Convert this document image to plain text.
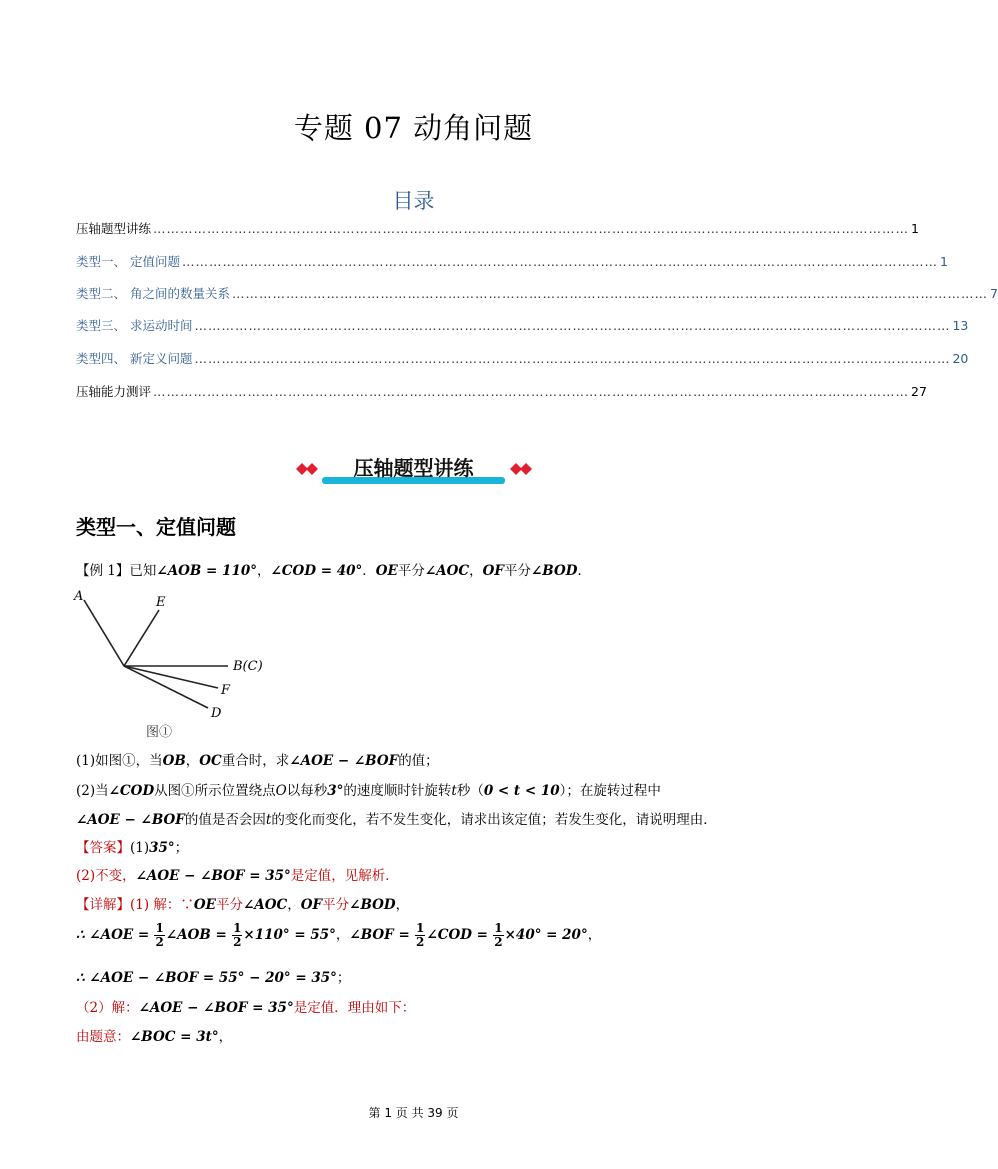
专题 07 动角问题
目录
压轴题型讲练 …………………………………………………………………………………………………………………………………………………… 1
类型一、 定值问题 …………………………………………………………………………………………………………………………………………………… 1
类型二、 角之间的数量关系 …………………………………………………………………………………………………………………………………………………… 7
类型三、 求运动时间 …………………………………………………………………………………………………………………………………………………… 13
类型四、 新定义问题 …………………………………………………………………………………………………………………………………………………… 20
压轴能力测评 …………………………………………………………………………………………………………………………………………………… 27
压轴题型讲练
类型一、定值问题
【例 1】已知∠AOB = 110°，∠COD = 40°．OE平分∠AOC，OF平分∠BOD．
A	E
B(C)
F
D
图①
(1)如图①，当OB，OC重合时，求∠AOE − ∠BOF的值；
(2)当∠COD从图①所示位置绕点O以每秒3°的速度顺时针旋转t秒（0 < t < 10）；在旋转过程中
∠AOE − ∠BOF的值是否会因t的变化而变化，若不发生变化，请求出该定值；若发生变化，请说明理由．
【答案】(1)35°；
(2)不变，∠AOE − ∠BOF = 35°是定值，见解析．
【详解】(1) 解：∵OE平分∠AOC，OF平分∠BOD，
∴ ∠AOE = $\frac{1}{2}$ ∠AOB = $\frac{1}{2} \times 110^\circ = 55^\circ$，∠BOF = $\frac{1}{2}$ ∠COD = $\frac{1}{2} \times 40^\circ = 20^\circ$，
∴ ∠AOE − ∠BOF = 55° − 20° = 35°；
（2）解：∠AOE − ∠BOF = 35°是定值．理由如下：
由题意：∠BOC = 3t°，
第 1 页 共 39 页
